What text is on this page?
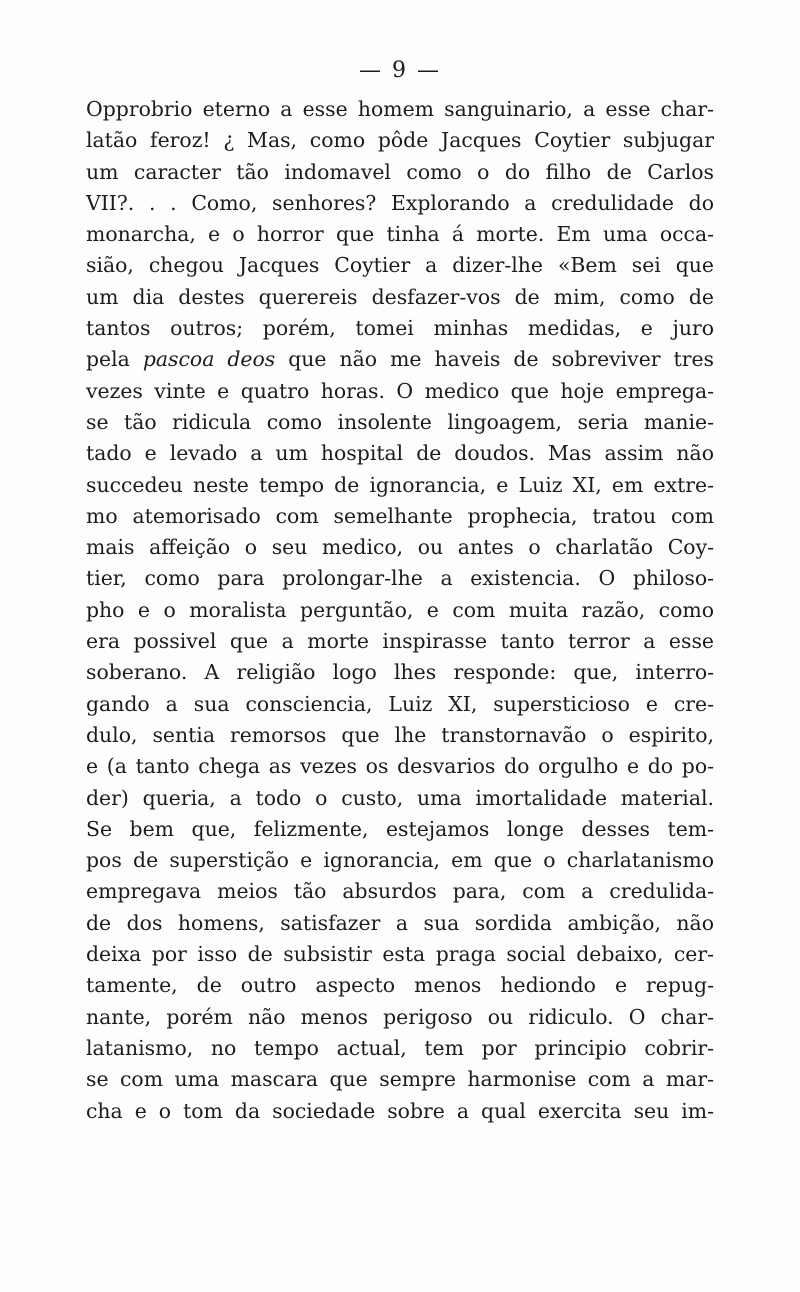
— 9 —
Opprobrio eterno a esse homem sanguinario, a esse char-
latão feroz! ¿ Mas, como pôde Jacques Coytier subjugar
um caracter tão indomavel como o do filho de Carlos
VII?. . . Como, senhores? Explorando a credulidade do
monarcha, e o horror que tinha á morte. Em uma occa-
sião, chegou Jacques Coytier a dizer-lhe «Bem sei que
um dia destes querereis desfazer-vos de mim, como de
tantos outros; porém, tomei minhas medidas, e juro
pela pascoa deos que não me haveis de sobreviver tres
vezes vinte e quatro horas. O medico que hoje emprega-
se tão ridicula como insolente lingoagem, seria manie-
tado e levado a um hospital de doudos. Mas assim não
succedeu neste tempo de ignorancia, e Luiz XI, em extre-
mo atemorisado com semelhante prophecia, tratou com
mais affeição o seu medico, ou antes o charlatão Coy-
tier, como para prolongar-lhe a existencia. O philoso-
pho e o moralista perguntão, e com muita razão, como
era possivel que a morte inspirasse tanto terror a esse
soberano. A religião logo lhes responde: que, interro-
gando a sua consciencia, Luiz XI, supersticioso e cre-
dulo, sentia remorsos que lhe transtornavão o espirito,
e (a tanto chega as vezes os desvarios do orgulho e do po-
der) queria, a todo o custo, uma imortalidade material.
Se bem que, felizmente, estejamos longe desses tem-
pos de superstição e ignorancia, em que o charlatanismo
empregava meios tão absurdos para, com a credulida-
de dos homens, satisfazer a sua sordida ambição, não
deixa por isso de subsistir esta praga social debaixo, cer-
tamente, de outro aspecto menos hediondo e repug-
nante, porém não menos perigoso ou ridiculo. O char-
latanismo, no tempo actual, tem por principio cobrir-
se com uma mascara que sempre harmonise com a mar-
cha e o tom da sociedade sobre a qual exercita seu im-
